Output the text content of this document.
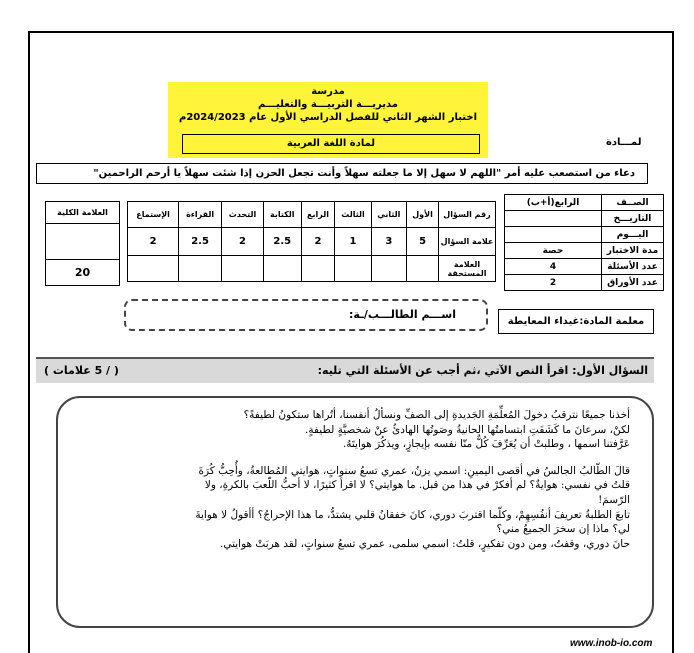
مدرسة
مديريـــة التربيـــة والتعليـــم
اختبار الشهر الثاني للفصل الدراسي الأول عام 2024/2023م
لمادة اللغة العربية	لمـــادة
دعاء من استصعب عليه أمر "اللهم لا سهل إلا ما جعلته سهلاً وأنت تجعل الحزن إذا شئت سهلاً يا أرحم الراحمين"
الصــف	الرابع(أ+ب)
التاريـــخ	
اليـــوم	
مدة الاختبار	حصة
عدد الأسئلة	4
عدد الأوراق	2
رقم السؤال	الأول	الثاني	الثالث	الرابع	الكتابة	التحدث	القراءة	الإستماع
علامة السؤال	5	3	1	2	2.5	2	2.5	2
العلامة المستحقة								
العلامة الكلية

20
معلمة المادة:غيداء المعايطة
اســـم الطالـــب/ـة:
السؤال الأول: اقرأ النص الآتي ،ثم أجب عن الأسئلة التي تليه:
( / 5 علامات )

أخذنا جميعًا نترقبُ دخولَ المُعلِّمَةِ الجَديدةِ إلى الصفِّ ونسألُ أنفسنا، أتُراها ستكونُ لطيفةً؟
لكنْ، سرعانَ ما كَشَفَتِ ابتسامتُها الحانيةُ وصَوتُها الهادئُ عنْ شخصيَّةٍ لطيفةٍ.
عَرَّفتنا اسمها ، وطلبتْ أن يُعَرِّفَ كُلٌّ منّا نفسه بإيجازٍ، ويذكُرَ هوايتَهُ.

قالَ الطّالبُ الجالسُ في أقصى اليمينِ: اسمي يزنُ، عمري تسعُ سنواتٍ، هوايتي المُطالعةُ، وأُحِبُّ كُرَةَ
قلتُ في نفسي: هوايةٌ؟ لم أفكرْ في هذا من قبل. ما هوايتي؟ لا اقرأ كثيرًا، لا أحبُّ اللّعبَ بالكرةِ، ولا
الرّسمَ!
تابعَ الطلبةُ تعريفَ أنفُسِهِمْ، وكلّما اقتربَ دوري، كانَ خفقانُ قلبي يشتدُّ، ما هذا الإحراجُ؟ أأقولُ لا هوايةَ
لي؟ ماذا إن سخرَ الجميعُ مني؟
حانَ دوري، وقفتُ، ومن دون تفكيرٍ، قلتُ: اسمي سلمى، عمري تسعُ سنواتٍ، لقد هربَتْ هوايتي.

www.inob-io.com
